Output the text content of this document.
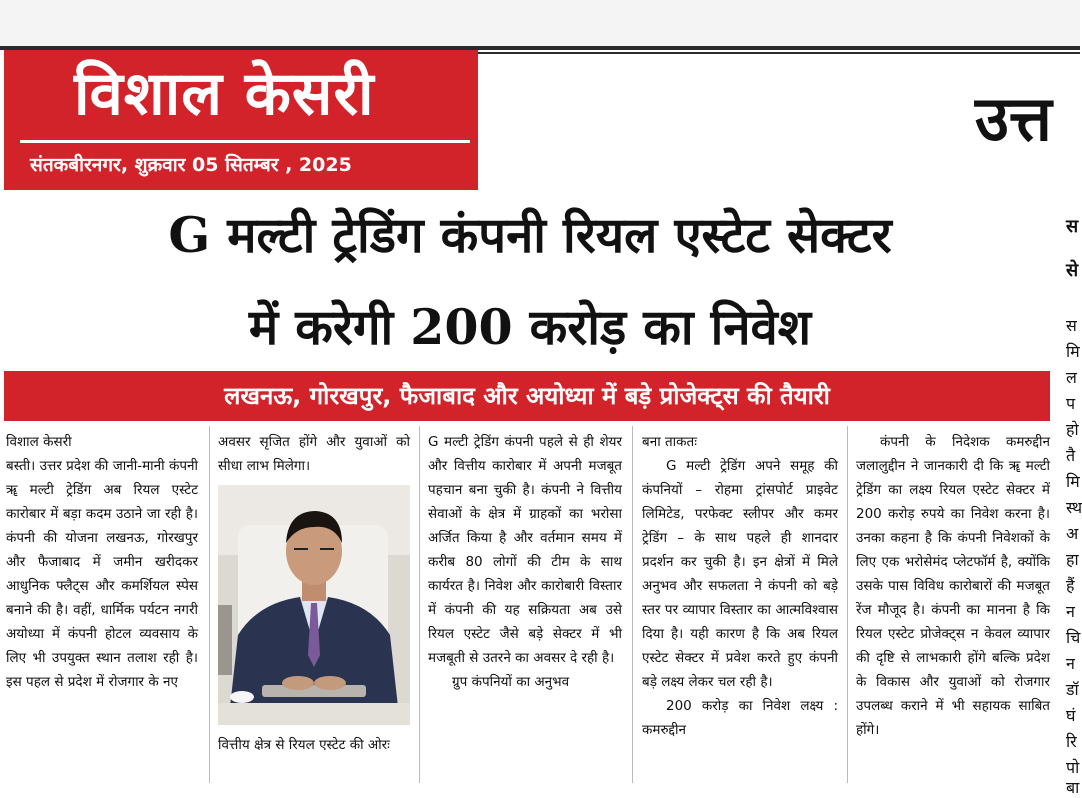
विशाल केसरी
संतकबीरनगर, शुक्रवार 05 सितम्बर , 2025
उत्त
G मल्टी ट्रेडिंग कंपनी रियल एस्टेट सेक्टर
में करेगी 200 करोड़ का निवेश
लखनऊ, गोरखपुर, फैजाबाद और अयोध्या में बड़े प्रोजेक्ट्स की तैयारी

विशाल केसरी

बस्ती। उत्तर प्रदेश की जानी-मानी कंपनी ॠ मल्टी ट्रेडिंग अब रियल एस्टेट कारोबार में बड़ा कदम उठाने जा रही है। कंपनी की योजना लखनऊ, गोरखपुर और फैजाबाद में जमीन खरीदकर आधुनिक फ्लैट्स और कमर्शियल स्पेस बनाने की है। वहीं, धार्मिक पर्यटन नगरी अयोध्या में कंपनी होटल व्यवसाय के लिए भी उपयुक्त स्थान तलाश रही है। इस पहल से प्रदेश में रोजगार के नए

अवसर सृजित होंगे और युवाओं को सीधा लाभ मिलेगा।

वित्तीय क्षेत्र से रियल एस्टेट की ओरः

G मल्टी ट्रेडिंग कंपनी पहले से ही शेयर और वित्तीय कारोबार में अपनी मजबूत पहचान बना चुकी है। कंपनी ने वित्तीय सेवाओं के क्षेत्र में ग्राहकों का भरोसा अर्जित किया है और वर्तमान समय में करीब 80 लोगों की टीम के साथ कार्यरत है। निवेश और कारोबारी विस्तार में कंपनी की यह सक्रियता अब उसे रियल एस्टेट जैसे बड़े सेक्टर में भी मजबूती से उतरने का अवसर दे रही है।

ग्रुप कंपनियों का अनुभव

बना ताकतः

G मल्टी ट्रेडिंग अपने समूह की कंपनियों – रोहमा ट्रांसपोर्ट प्राइवेट लिमिटेड, परफेक्ट स्लीपर और कमर ट्रेडिंग – के साथ पहले ही शानदार प्रदर्शन कर चुकी है। इन क्षेत्रों में मिले अनुभव और सफलता ने कंपनी को बड़े स्तर पर व्यापार विस्तार का आत्मविश्वास दिया है। यही कारण है कि अब रियल एस्टेट सेक्टर में प्रवेश करते हुए कंपनी बड़े लक्ष्य लेकर चल रही है।

200 करोड़ का निवेश लक्ष्य : कमरुद्दीन

कंपनी के निदेशक कमरुद्दीन जलालुद्दीन ने जानकारी दी कि ॠ मल्टी ट्रेडिंग का लक्ष्य रियल एस्टेट सेक्टर में 200 करोड़ रुपये का निवेश करना है। उनका कहना है कि कंपनी निवेशकों के लिए एक भरोसेमंद प्लेटफॉर्म है, क्योंकि उसके पास विविध कारोबारों की मजबूत रेंज मौजूद है। कंपनी का मानना है कि रियल एस्टेट प्रोजेक्ट्स न केवल व्यापार की दृष्टि से लाभकारी होंगे बल्कि प्रदेश के विकास और युवाओं को रोजगार उपलब्ध कराने में भी सहायक साबित होंगे।

स
से
स
मि
ल
प
हो
तै
मि
स्थ
अ
हा
हैं
न
चि
न
डॉ
घं
रि
पो
बा
